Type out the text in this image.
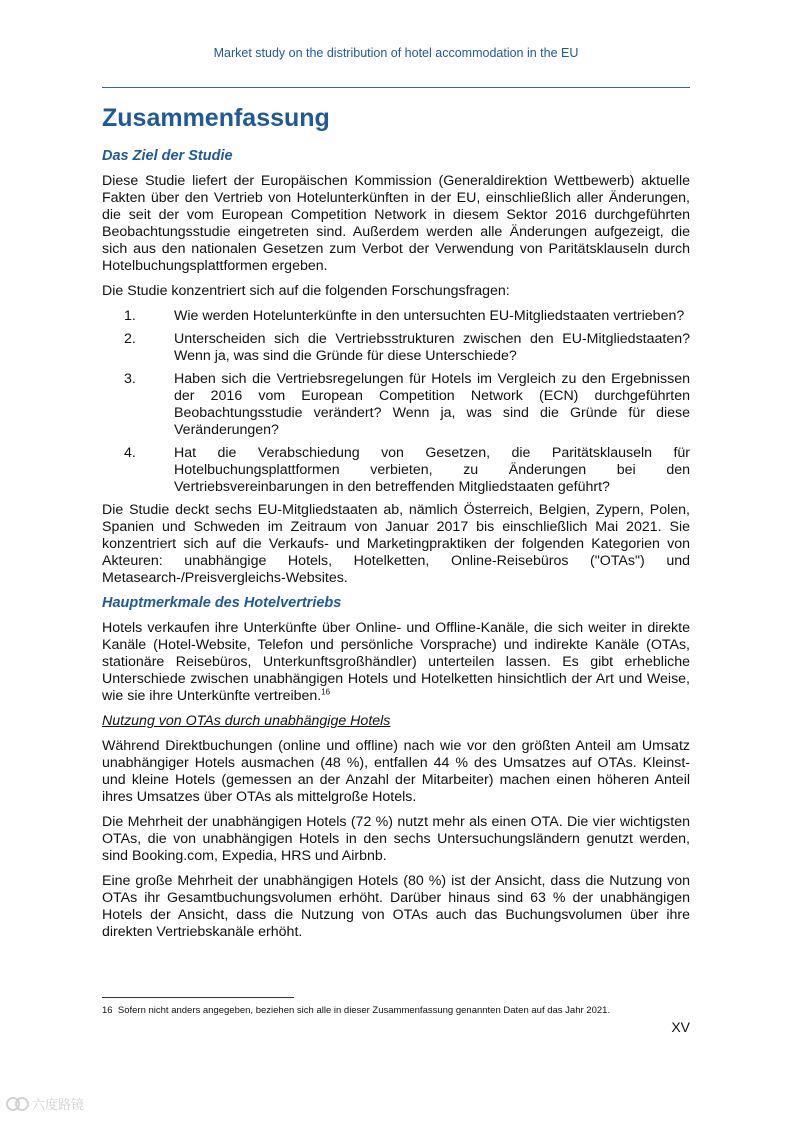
Market study on the distribution of hotel accommodation in the EU
Zusammenfassung
Das Ziel der Studie

Diese Studie liefert der Europäischen Kommission (Generaldirektion Wettbewerb) aktuelle Fakten über den Vertrieb von Hotelunterkünften in der EU, einschließlich aller Änderungen, die seit der vom European Competition Network in diesem Sektor 2016 durchgeführten Beobachtungsstudie eingetreten sind. Außerdem werden alle Änderungen aufgezeigt, die sich aus den nationalen Gesetzen zum Verbot der Verwendung von Paritätsklauseln durch Hotelbuchungsplattformen ergeben.

Die Studie konzentriert sich auf die folgenden Forschungsfragen:

1.	Wie werden Hotelunterkünfte in den untersuchten EU-Mitgliedstaaten vertrieben?
2.	Unterscheiden sich die Vertriebsstrukturen zwischen den EU-Mitgliedstaaten? Wenn ja, was sind die Gründe für diese Unterschiede?
3.	Haben sich die Vertriebsregelungen für Hotels im Vergleich zu den Ergebnissen der 2016 vom European Competition Network (ECN) durchgeführten Beobachtungsstudie verändert? Wenn ja, was sind die Gründe für diese Veränderungen?
4.	Hat die Verabschiedung von Gesetzen, die Paritätsklauseln für Hotelbuchungsplattformen verbieten, zu Änderungen bei den Vertriebsvereinbarungen in den betreffenden Mitgliedstaaten geführt?

Die Studie deckt sechs EU-Mitgliedstaaten ab, nämlich Österreich, Belgien, Zypern, Polen, Spanien und Schweden im Zeitraum von Januar 2017 bis einschließlich Mai 2021. Sie konzentriert sich auf die Verkaufs- und Marketingpraktiken der folgenden Kategorien von Akteuren: unabhängige Hotels, Hotelketten, Online-Reisebüros ("OTAs") und Metasearch-/Preisvergleichs-Websites.

Hauptmerkmale des Hotelvertriebs

Hotels verkaufen ihre Unterkünfte über Online- und Offline-Kanäle, die sich weiter in direkte Kanäle (Hotel-Website, Telefon und persönliche Vorsprache) und indirekte Kanäle (OTAs, stationäre Reisebüros, Unterkunftsgroßhändler) unterteilen lassen. Es gibt erhebliche Unterschiede zwischen unabhängigen Hotels und Hotelketten hinsichtlich der Art und Weise, wie sie ihre Unterkünfte vertreiben.$^{16}$

Nutzung von OTAs durch unabhängige Hotels

Während Direktbuchungen (online und offline) nach wie vor den größten Anteil am Umsatz unabhängiger Hotels ausmachen (48 %), entfallen 44 % des Umsatzes auf OTAs. Kleinst- und kleine Hotels (gemessen an der Anzahl der Mitarbeiter) machen einen höheren Anteil ihres Umsatzes über OTAs als mittelgroße Hotels.

Die Mehrheit der unabhängigen Hotels (72 %) nutzt mehr als einen OTA. Die vier wichtigsten OTAs, die von unabhängigen Hotels in den sechs Untersuchungsländern genutzt werden, sind Booking.com, Expedia, HRS und Airbnb.

Eine große Mehrheit der unabhängigen Hotels (80 %) ist der Ansicht, dass die Nutzung von OTAs ihr Gesamtbuchungsvolumen erhöht. Darüber hinaus sind 63 % der unabhängigen Hotels der Ansicht, dass die Nutzung von OTAs auch das Buchungsvolumen über ihre direkten Vertriebskanäle erhöht.

16 Sofern nicht anders angegeben, beziehen sich alle in dieser Zusammenfassung genannten Daten auf das Jahr 2021.
XV
六度路镜
